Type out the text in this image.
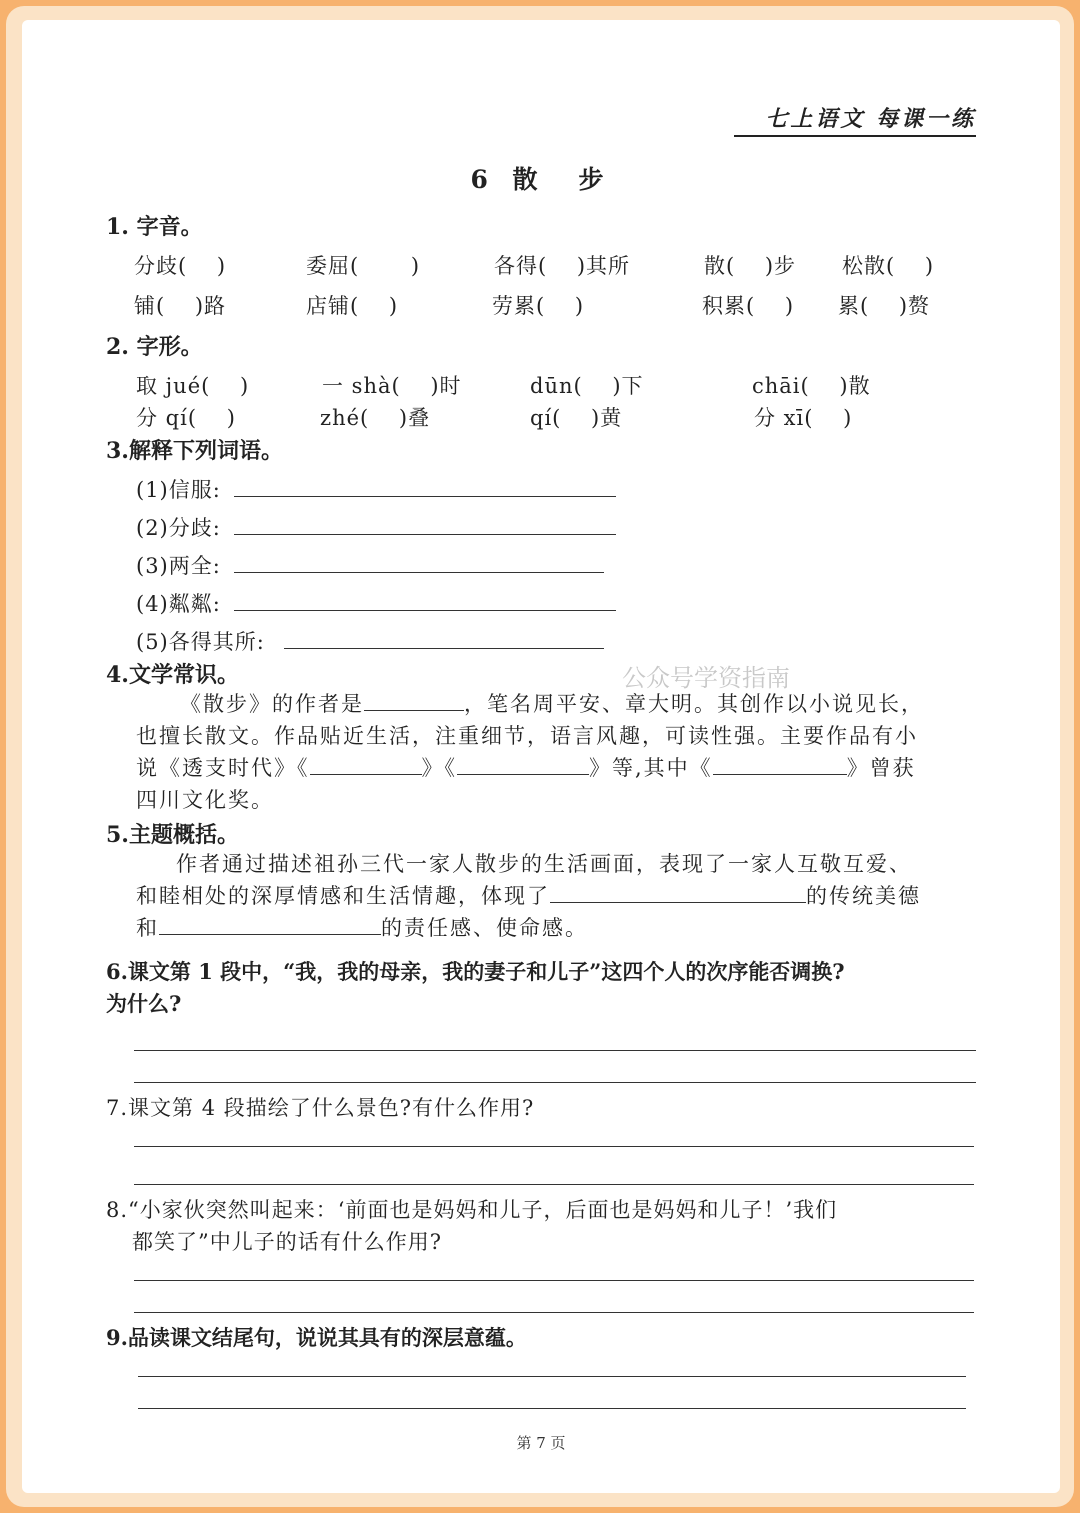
七上语文 每课一练
6 散　步
1. 字音。
分歧(　 )	委屈(　　 )	各得(　 )其所	散(　 )步 松散(　 )
铺(　 )路	店铺(　 )	劳累(　 )	积累(　 ) 累(　 )赘
2. 字形。
取 jué(　 )	一 shà(　 )时	dūn(　 )下	chāi(　 )散
分 qí(　 )	zhé(　 )叠	qí(　 )黄	分 xī(　 )
3.解释下列词语。
(1)信服:
(2)分歧:
(3)两全:
(4)粼粼:
(5)各得其所:
公众号学资指南
4.文学常识。
《散步》的作者是	，笔名周平安、章大明。其创作以小说见长，
也擅长散文。作品贴近生活，注重细节，语言风趣，可读性强。主要作品有小
说《透支时代》《	》《	》等,其中《	》曾获
四川文化奖。
5.主题概括。
作者通过描述祖孙三代一家人散步的生活画面，表现了一家人互敬互爱、
和睦相处的深厚情感和生活情趣，体现了	的传统美德
和	的责任感、使命感。
6.课文第 1 段中，“我，我的母亲，我的妻子和儿子”这四个人的次序能否调换?
为什么?
7.课文第 4 段描绘了什么景色?有什么作用?
8.“小家伙突然叫起来：‘前面也是妈妈和儿子，后面也是妈妈和儿子！’我们
都笑了”中儿子的话有什么作用?
9.品读课文结尾句，说说其具有的深层意蕴。
第 7 页
